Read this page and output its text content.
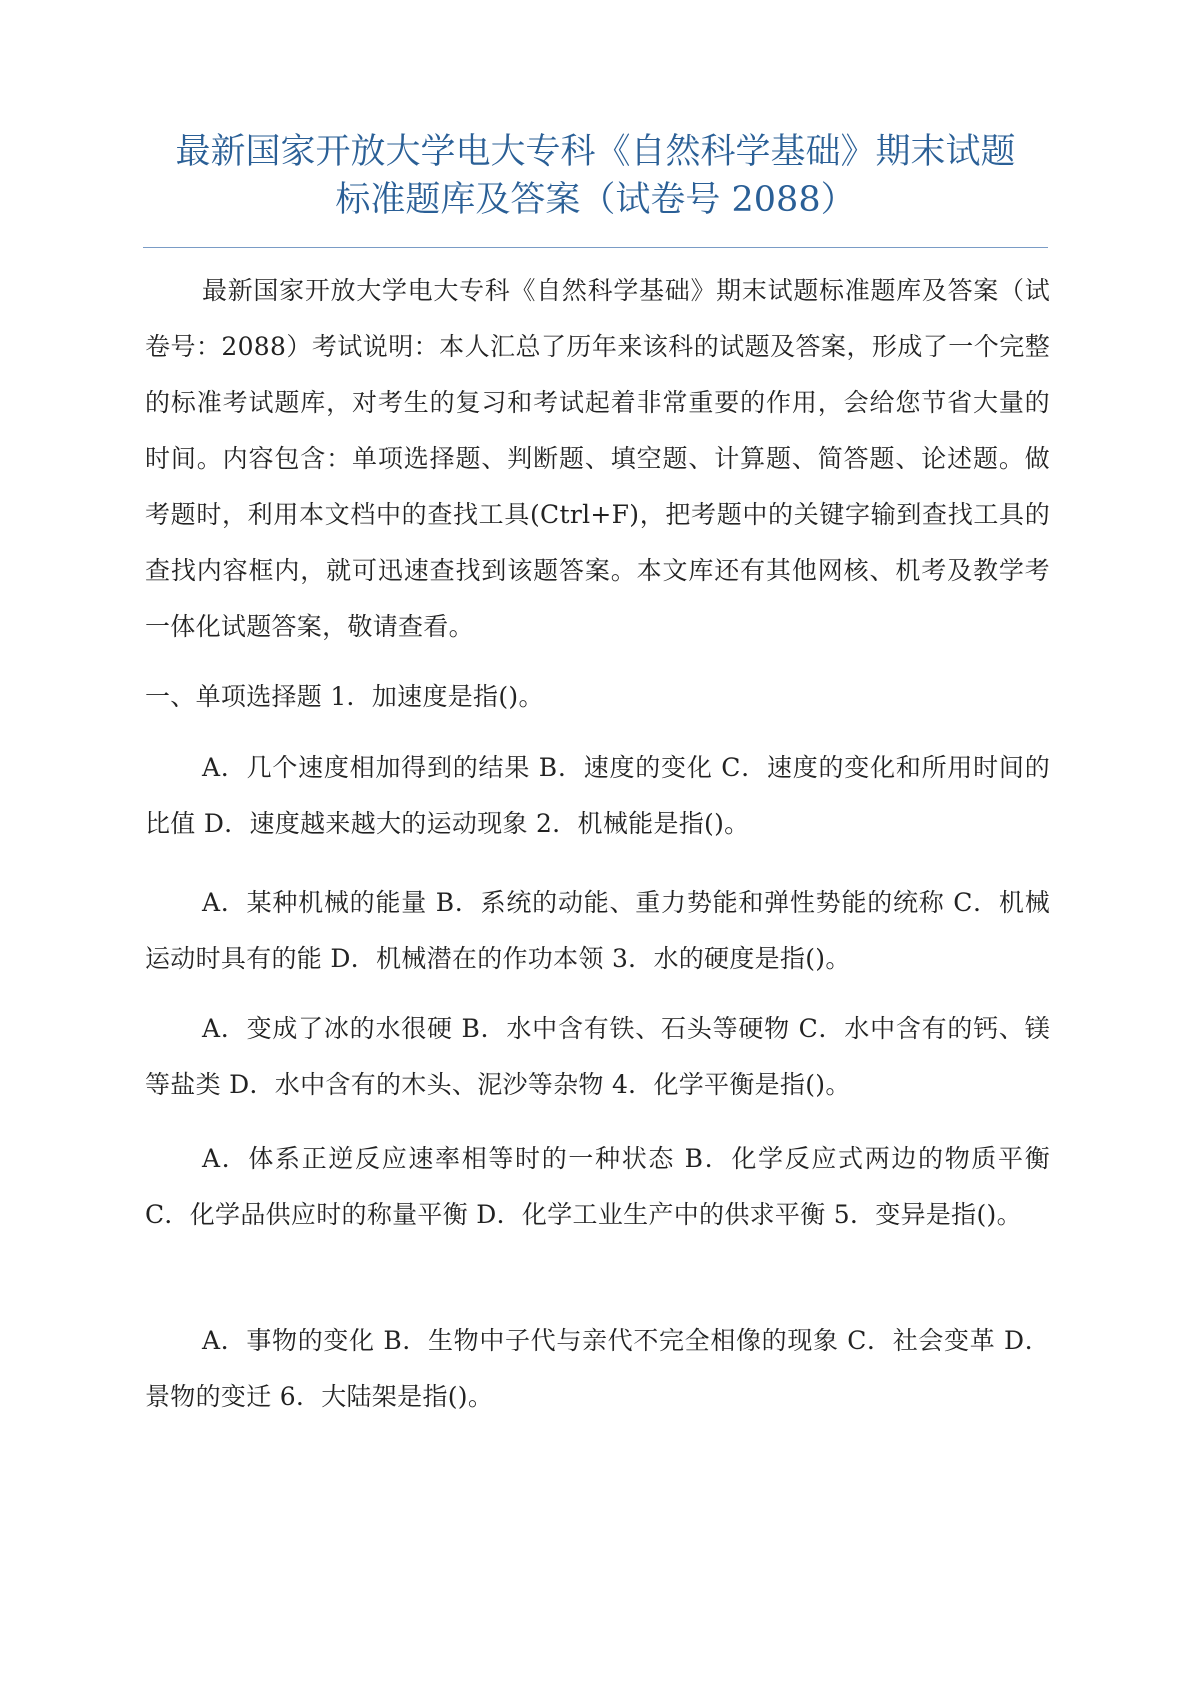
最新国家开放大学电大专科《自然科学基础》期末试题
标准题库及答案（试卷号 2088）

最新国家开放大学电大专科《自然科学基础》期末试题标准题库及答案（试卷号：2088）考试说明：本人汇总了历年来该科的试题及答案，形成了一个完整的标准考试题库，对考生的复习和考试起着非常重要的作用，会给您节省大量的时间。内容包含：单项选择题、判断题、填空题、计算题、简答题、论述题。做考题时，利用本文档中的查找工具(Ctrl+F)，把考题中的关键字输到查找工具的查找内容框内，就可迅速查找到该题答案。本文库还有其他网核、机考及教学考一体化试题答案，敬请查看。

一、单项选择题 1．加速度是指()。

A．几个速度相加得到的结果 B．速度的变化 C．速度的变化和所用时间的比值 D．速度越来越大的运动现象 2．机械能是指()。

A．某种机械的能量 B．系统的动能、重力势能和弹性势能的统称 C．机械运动时具有的能 D．机械潜在的作功本领 3．水的硬度是指()。

A．变成了冰的水很硬 B．水中含有铁、石头等硬物 C．水中含有的钙、镁等盐类 D．水中含有的木头、泥沙等杂物 4．化学平衡是指()。

A．体系正逆反应速率相等时的一种状态 B．化学反应式两边的物质平衡 C．化学品供应时的称量平衡 D．化学工业生产中的供求平衡 5．变异是指()。

A．事物的变化 B．生物中子代与亲代不完全相像的现象 C．社会变革 D．景物的变迁 6．大陆架是指()。
